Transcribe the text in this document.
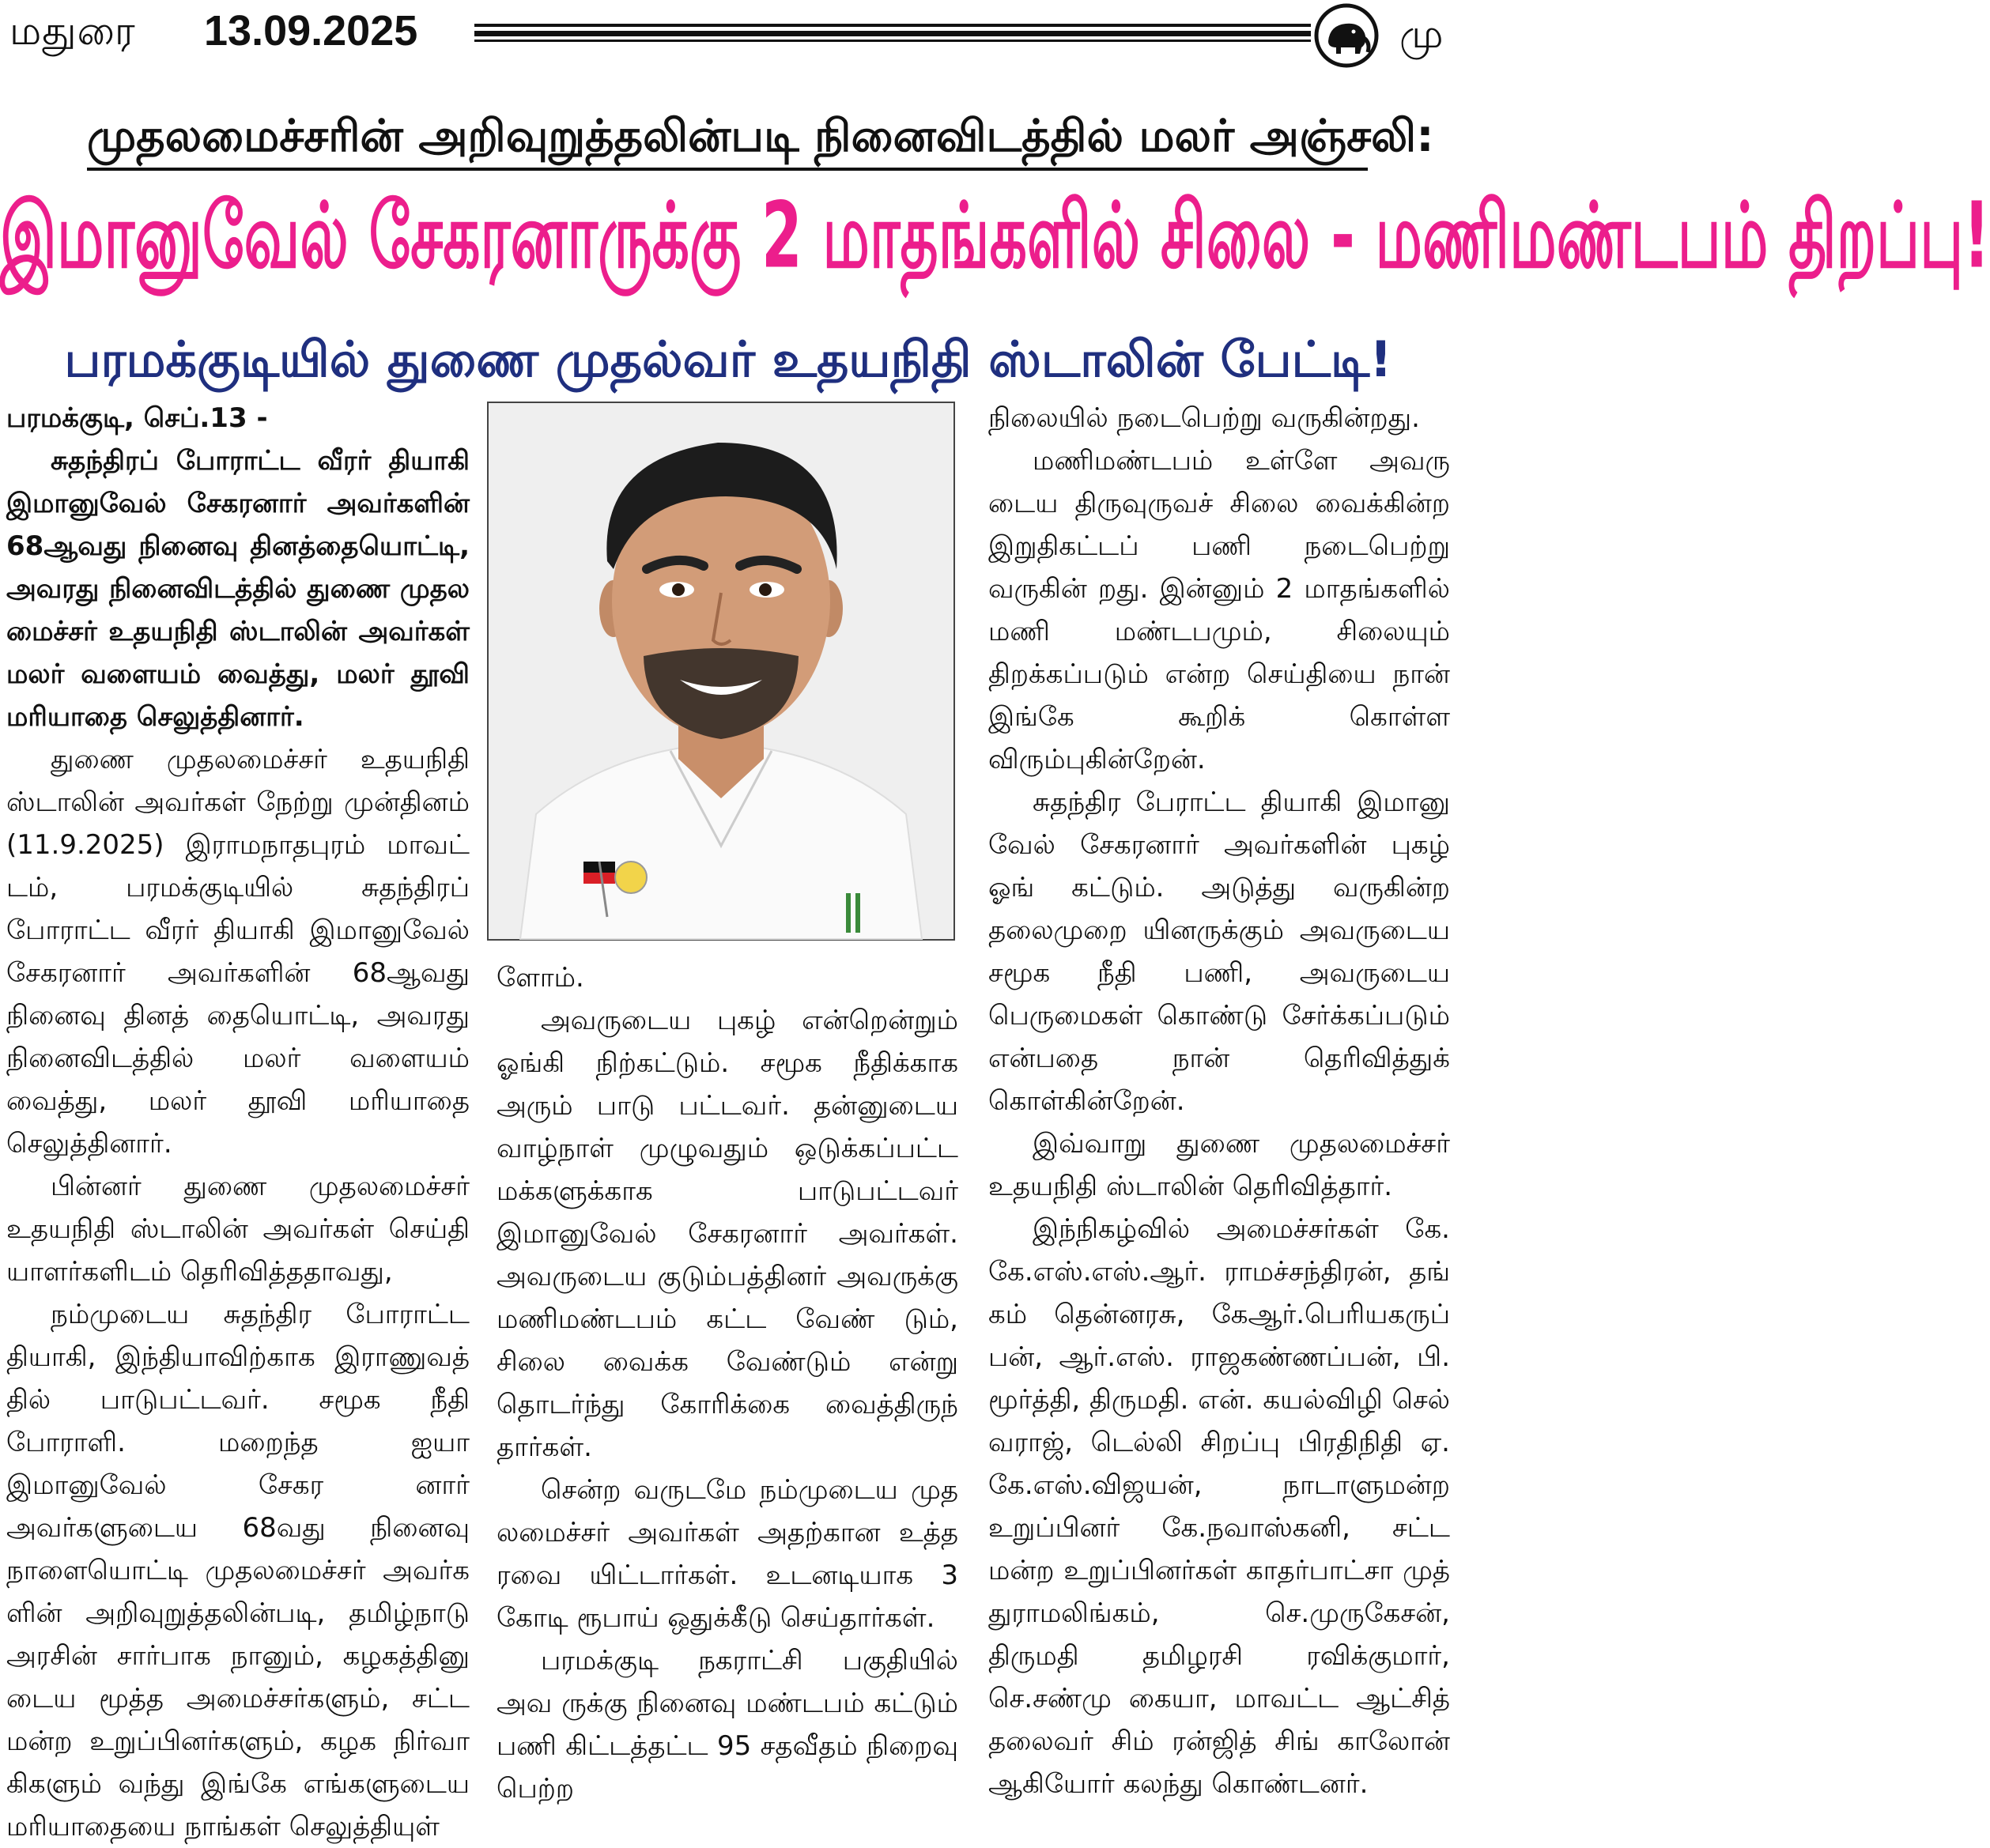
மதுரை 13.09.2025	மு
முதலமைச்சரின் அறிவுறுத்தலின்படி நினைவிடத்தில் மலர் அஞ்சலி:
இமானுவேல் சேகரனாருக்கு 2 மாதங்களில் சிலை - மணிமண்டபம் திறப்பு!
பரமக்குடியில் துணை முதல்வர் உதயநிதி ஸ்டாலின் பேட்டி!

பரமக்குடி, செப்.13 -

சுதந்திரப் போராட்ட வீரர் தியாகி இமானுவேல் சேகரனார் அவர்களின் 68ஆவது நினைவு தினத்தையொட்டி, அவரது நினைவிடத்தில் துணை முதல மைச்சர் உதயநிதி ஸ்டாலின் அவர்கள் மலர் வளையம் வைத்து, மலர் தூவி மரியாதை செலுத்தினார்.

துணை முதலமைச்சர் உதயநிதி ஸ்டாலின் அவர்கள் நேற்று முன்தினம் (11.9.2025) இராமநாதபுரம் மாவட் டம், பரமக்குடியில் சுதந்திரப் போராட்ட வீரர் தியாகி இமானுவேல் சேகரனார் அவர்களின் 68ஆவது நினைவு தினத் தையொட்டி, அவரது நினைவிடத்தில் மலர் வளையம் வைத்து, மலர் தூவி மரியாதை செலுத்தினார்.

பின்னர் துணை முதலமைச்சர் உதயநிதி ஸ்டாலின் அவர்கள் செய்தி யாளர்களிடம் தெரிவித்ததாவது,

நம்முடைய சுதந்திர போராட்ட தியாகி, இந்தியாவிற்காக இராணுவத் தில் பாடுபட்டவர். சமூக நீதி போராளி. மறைந்த ஐயா இமானுவேல் சேகர னார் அவர்களுடைய 68வது நினைவு நாளையொட்டி முதலமைச்சர் அவர்க ளின் அறிவுறுத்தலின்படி, தமிழ்நாடு அரசின் சார்பாக நானும், கழகத்தினு டைய மூத்த அமைச்சர்களும், சட்ட மன்ற உறுப்பினர்களும், கழக நிர்வா கிகளும் வந்து இங்கே எங்களுடைய மரியாதையை நாங்கள் செலுத்தியுள்

ளோம்.

அவருடைய புகழ் என்றென்றும் ஓங்கி நிற்கட்டும். சமூக நீதிக்காக அரும் பாடு பட்டவர். தன்னுடைய வாழ்நாள் முழுவதும் ஒடுக்கப்பட்ட மக்களுக்காக பாடுபட்டவர் இமானுவேல் சேகரனார் அவர்கள். அவருடைய குடும்பத்தினர் அவருக்கு மணிமண்டபம் கட்ட வேண் டும், சிலை வைக்க வேண்டும் என்று தொடர்ந்து கோரிக்கை வைத்திருந் தார்கள்.

சென்ற வருடமே நம்முடைய முத லமைச்சர் அவர்கள் அதற்கான உத்த ரவை யிட்டார்கள். உடனடியாக 3 கோடி ரூபாய் ஒதுக்கீடு செய்தார்கள்.

பரமக்குடி நகராட்சி பகுதியில் அவ ருக்கு நினைவு மண்டபம் கட்டும் பணி கிட்டத்தட்ட 95 சதவீதம் நிறைவு பெற்ற

நிலையில் நடைபெற்று வருகின்றது.

மணிமண்டபம் உள்ளே அவரு டைய திருவுருவச் சிலை வைக்கின்ற இறுதிகட்டப் பணி நடைபெற்று வருகின் றது. இன்னும் 2 மாதங்களில் மணி மண்டபமும், சிலையும் திறக்கப்படும் என்ற செய்தியை நான் இங்கே கூறிக் கொள்ள விரும்புகின்றேன்.

சுதந்திர பேராட்ட தியாகி இமானு வேல் சேகரனார் அவர்களின் புகழ் ஓங் கட்டும். அடுத்து வருகின்ற தலைமுறை யினருக்கும் அவருடைய சமூக நீதி பணி, அவருடைய பெருமைகள் கொண்டு சேர்க்கப்படும் என்பதை நான் தெரிவித்துக் கொள்கின்றேன்.

இவ்வாறு துணை முதலமைச்சர் உதயநிதி ஸ்டாலின் தெரிவித்தார்.

இந்நிகழ்வில் அமைச்சர்கள் கே. கே.எஸ்.எஸ்.ஆர். ராமச்சந்திரன், தங் கம் தென்னரசு, கேஆர்.பெரியகருப் பன், ஆர்.எஸ். ராஜகண்ணப்பன், பி. மூர்த்தி, திருமதி. என். கயல்விழி செல் வராஜ், டெல்லி சிறப்பு பிரதிநிதி ஏ. கே.எஸ்.விஜயன், நாடாளுமன்ற உறுப்பினர் கே.நவாஸ்கனி, சட்ட மன்ற உறுப்பினர்கள் காதர்பாட்சா முத் துராமலிங்கம், செ.முருகேசன், திருமதி தமிழரசி ரவிக்குமார், செ.சண்மு கையா, மாவட்ட ஆட்சித் தலைவர் சிம் ரன்ஜித் சிங் காலோன் ஆகியோர் கலந்து கொண்டனர்.
